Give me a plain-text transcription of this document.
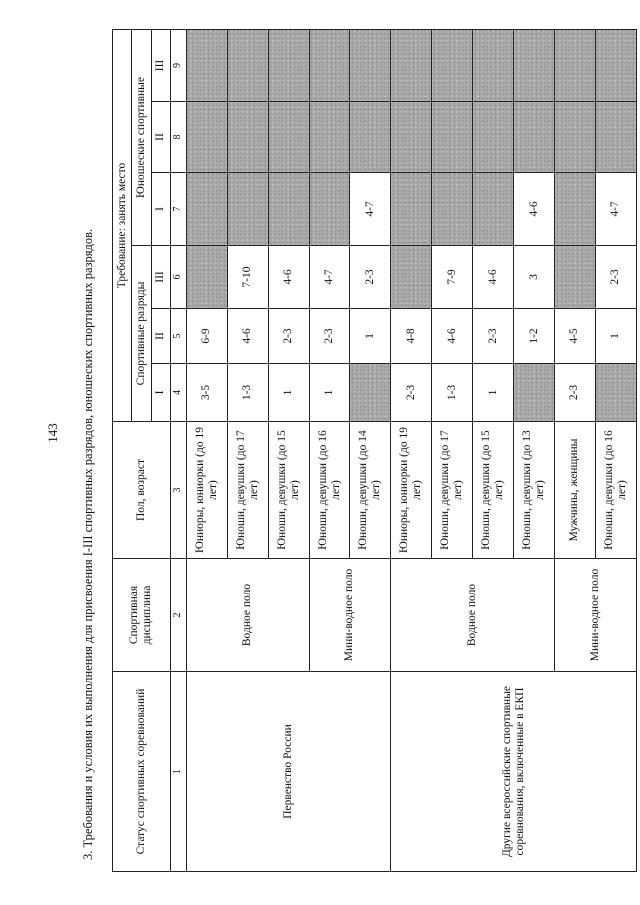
143 3. Требования и условия их выполнения для присвоения I-III спортивных разрядов, юношеских спортивных разрядов.	Статус спортивных соревнований	Спортивная дисциплина	Пол, возраст	Требование: занять место					
			Спортивные разряды			Юношеские спортивные		
			I	II	III	I	II	III
1	2	3	4	5	6	7	8	9
Первенство России	Водное поло	Юниоры, юниорки (до 19 лет)	3-5	6-9				
		Юноши, девушки (до 17 лет)	1-3	4-6	7-10			
		Юноши, девушки (до 15 лет)	1	2-3	4-6			
	Мини-водное поло	Юноши, девушки (до 16 лет)	1	2-3	4-7			
		Юноши, девушки (до 14 лет)		1	2-3	4-7		
Другие всероссийские спортивные соревнования, включенные в ЕКП	Водное поло	Юниоры, юниорки (до 19 лет)	2-3	4-8				
		Юноши, девушки (до 17 лет)	1-3	4-6	7-9			
		Юноши, девушки (до 15 лет)	1	2-3	4-6			
		Юноши, девушки (до 13 лет)		1-2	3	4-6		
	Мини-водное поло	Мужчины, женщины	2-3	4-5				
		Юноши, девушки (до 16 лет)		1	2-3	4-7		
